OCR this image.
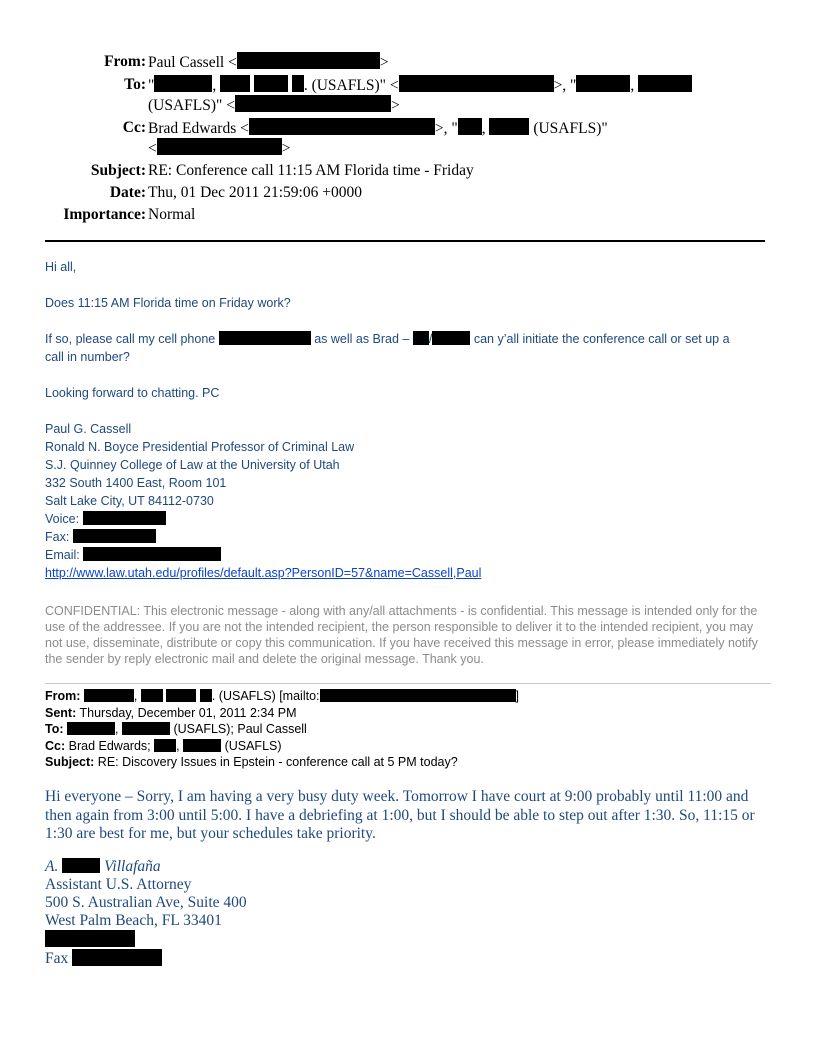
From: Paul Cassell <	>
To: "	,	. (USAFLS)" <	>, "	,
(USAFLS)" <	>
Cc: Brad Edwards <	>, " ,	(USAFLS)"
<	>
Subject: RE: Conference call 11:15 AM Florida time - Friday
Date: Thu, 01 Dec 2011 21:59:06 +0000
Importance: Normal

Hi all,

Does 11:15 AM Florida time on Friday work?

If so, please call my cell phone	as well as Brad – /	can y’all initiate the conference call or set up a

call in number?

Looking forward to chatting. PC

Paul G. Cassell

Ronald N. Boyce Presidential Professor of Criminal Law

S.J. Quinney College of Law at the University of Utah

332 South 1400 East, Room 101

Salt Lake City, UT 84112-0730

Voice:

Fax:

Email:

http://www.law.utah.edu/profiles/default.asp?PersonID=57&name=Cassell,Paul

CONFIDENTIAL: This electronic message - along with any/all attachments - is confidential. This message is intended only for the use of the addressee. If you are not the intended recipient, the person responsible to deliver it to the intended recipient, you may not use, disseminate, distribute or copy this communication. If you have received this message in error, please immediately notify the sender by reply electronic mail and delete the original message. Thank you.
From:	,	. (USAFLS) [mailto:	]
Sent: Thursday, December 01, 2011 2:34 PM
To:	,	(USAFLS); Paul Cassell
Cc: Brad Edwards; ,	(USAFLS)
Subject: RE: Discovery Issues in Epstein - conference call at 5 PM today?
Hi everyone – Sorry, I am having a very busy duty week. Tomorrow I have court at 9:00 probably until 11:00 and then again from 3:00 until 5:00. I have a debriefing at 1:00, but I should be able to step out after 1:30. So, 11:15 or 1:30 are best for me, but your schedules take priority.
A.	Villafaña
Assistant U.S. Attorney
500 S. Australian Ave, Suite 400
West Palm Beach, FL 33401
Fax
